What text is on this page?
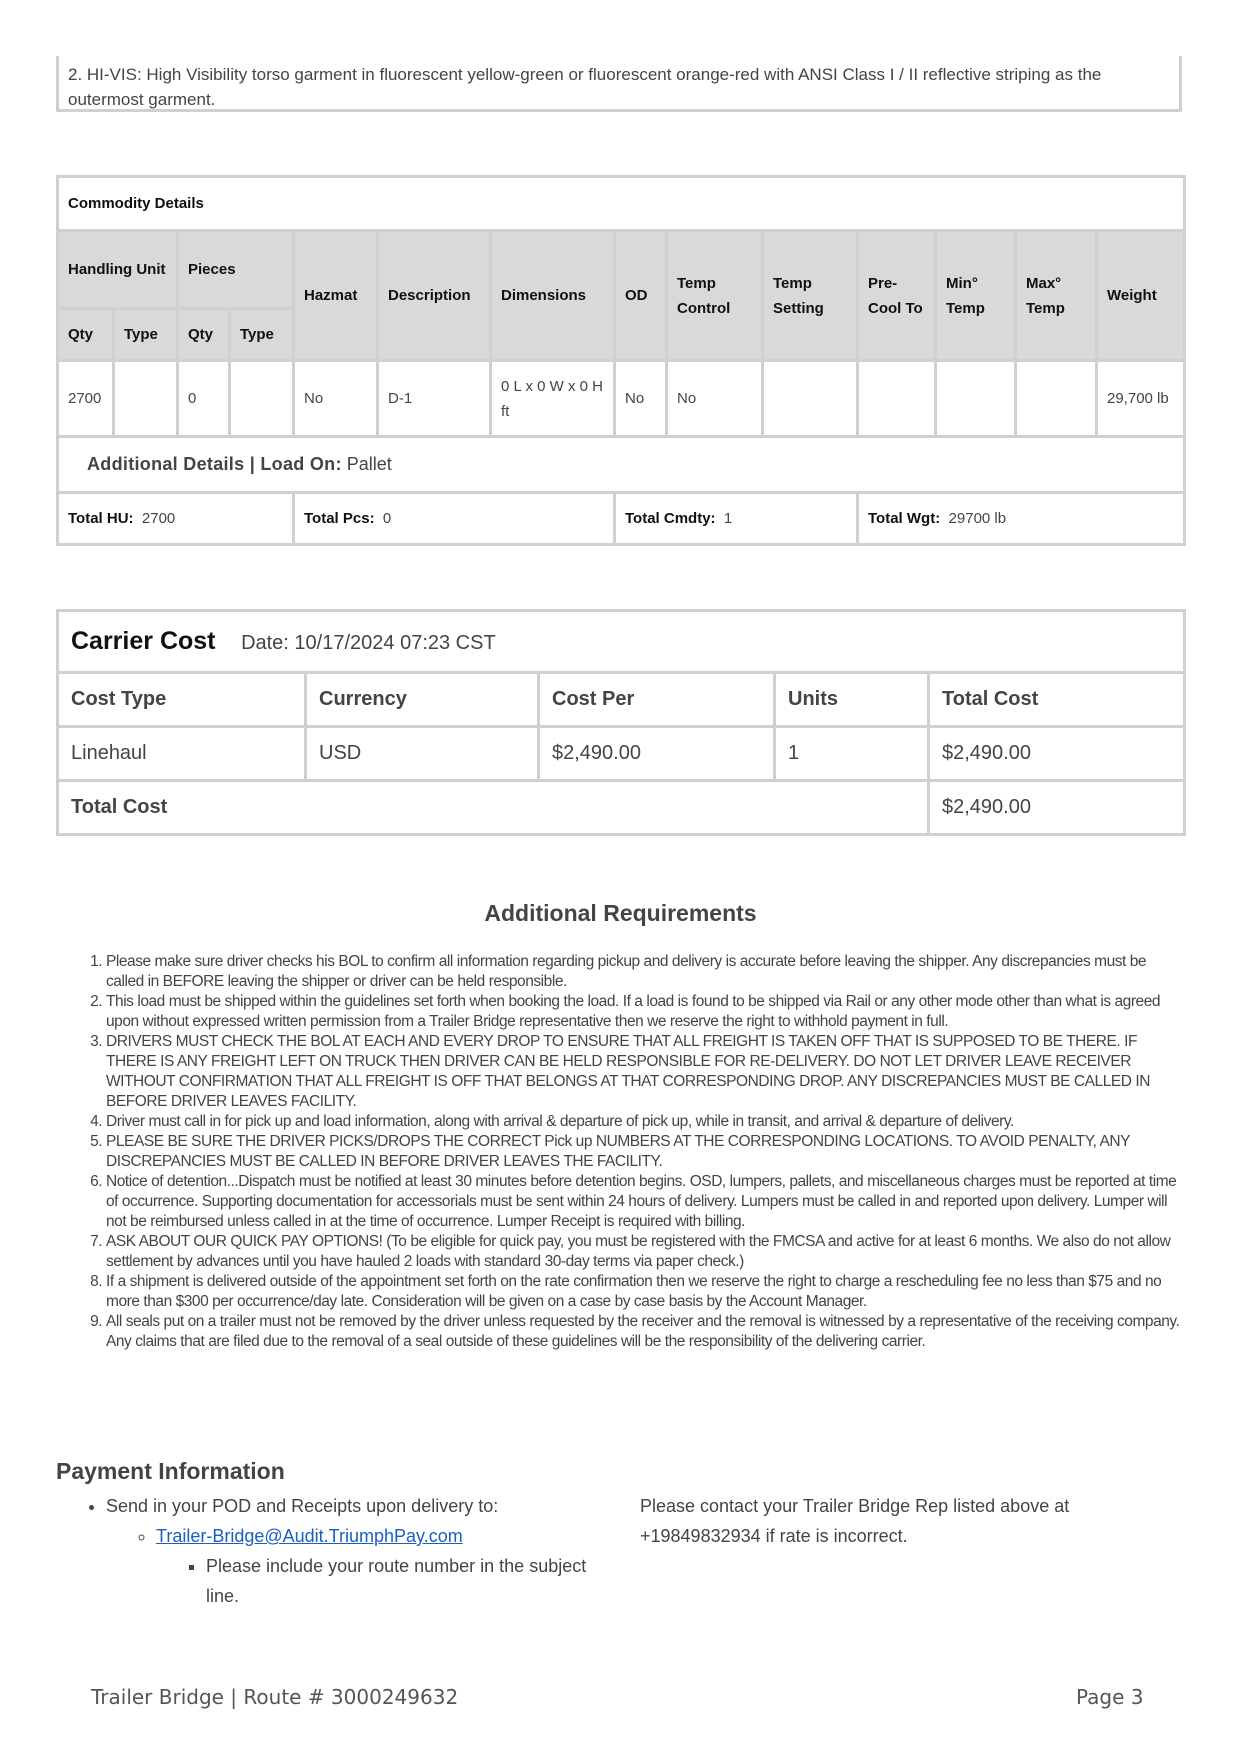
2. HI-VIS: High Visibility torso garment in fluorescent yellow-green or fluorescent orange-red with ANSI Class I / II reflective striping as the outermost garment.
Commodity Details													
Handling Unit		Pieces		Hazmat	Description	Dimensions	OD	Temp Control	Temp Setting	Pre-Cool To	Min° Temp	Max° Temp	Weight
Qty	Type	Qty	Type										
2700		0		No	D-1	0 L x 0 W x 0 H ft	No	No					29,700 lb
Additional Details | Load On: Pallet													
Total HU: 2700				Total Pcs: 0			Total Cmdty: 1			Total Wgt: 29700 lb			
Carrier Cost Date: 10/17/2024 07:23 CST				
Cost Type	Currency	Cost Per	Units	Total Cost
Linehaul	USD	$2,490.00	1	$2,490.00
Total Cost				$2,490.00
Additional Requirements
1. Please make sure driver checks his BOL to confirm all information regarding pickup and delivery is accurate before leaving the shipper. Any discrepancies must be called in BEFORE leaving the shipper or driver can be held responsible.
2. This load must be shipped within the guidelines set forth when booking the load. If a load is found to be shipped via Rail or any other mode other than what is agreed upon without expressed written permission from a Trailer Bridge representative then we reserve the right to withhold payment in full.
3. DRIVERS MUST CHECK THE BOL AT EACH AND EVERY DROP TO ENSURE THAT ALL FREIGHT IS TAKEN OFF THAT IS SUPPOSED TO BE THERE. IF THERE IS ANY FREIGHT LEFT ON TRUCK THEN DRIVER CAN BE HELD RESPONSIBLE FOR RE-DELIVERY. DO NOT LET DRIVER LEAVE RECEIVER WITHOUT CONFIRMATION THAT ALL FREIGHT IS OFF THAT BELONGS AT THAT CORRESPONDING DROP. ANY DISCREPANCIES MUST BE CALLED IN BEFORE DRIVER LEAVES FACILITY.
4. Driver must call in for pick up and load information, along with arrival & departure of pick up, while in transit, and arrival & departure of delivery.
5. PLEASE BE SURE THE DRIVER PICKS/DROPS THE CORRECT Pick up NUMBERS AT THE CORRESPONDING LOCATIONS. TO AVOID PENALTY, ANY DISCREPANCIES MUST BE CALLED IN BEFORE DRIVER LEAVES THE FACILITY.
6. Notice of detention...Dispatch must be notified at least 30 minutes before detention begins. OSD, lumpers, pallets, and miscellaneous charges must be reported at time of occurrence. Supporting documentation for accessorials must be sent within 24 hours of delivery. Lumpers must be called in and reported upon delivery. Lumper will not be reimbursed unless called in at the time of occurrence. Lumper Receipt is required with billing.
7. ASK ABOUT OUR QUICK PAY OPTIONS! (To be eligible for quick pay, you must be registered with the FMCSA and active for at least 6 months. We also do not allow settlement by advances until you have hauled 2 loads with standard 30-day terms via paper check.)
8. If a shipment is delivered outside of the appointment set forth on the rate confirmation then we reserve the right to charge a rescheduling fee no less than $75 and no more than $300 per occurrence/day late. Consideration will be given on a case by case basis by the Account Manager.
9. All seals put on a trailer must not be removed by the driver unless requested by the receiver and the removal is witnessed by a representative of the receiving company. Any claims that are filed due to the removal of a seal outside of these guidelines will be the responsibility of the delivering carrier.
Payment Information
• Send in your POD and Receipts upon delivery to:
◦ Trailer-Bridge@Audit.TriumphPay.com
▪ Please include your route number in the subject line.
Please contact your Trailer Bridge Rep listed above at +19849832934 if rate is incorrect.
Trailer Bridge | Route # 3000249632	Page 3
